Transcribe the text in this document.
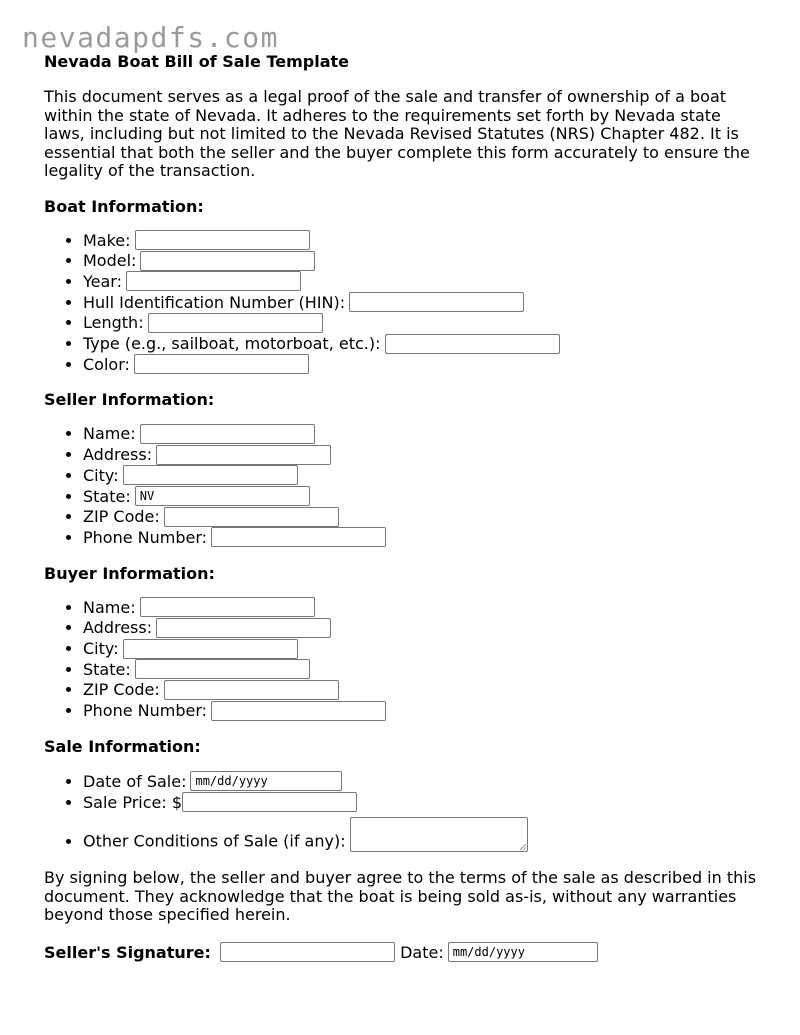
nevadapdfs.com
Nevada Boat Bill of Sale Template

This document serves as a legal proof of the sale and transfer of ownership of a boat within the state of Nevada. It adheres to the requirements set forth by Nevada state laws, including but not limited to the Nevada Revised Statutes (NRS) Chapter 482. It is essential that both the seller and the buyer complete this form accurately to ensure the legality of the transaction.

Boat Information:
• Make:
• Model:
• Year:
• Hull Identification Number (HIN):
• Length:
• Type (e.g., sailboat, motorboat, etc.):
• Color:
Seller Information:
• Name:
• Address:
• City:
• State: NV
• ZIP Code:
• Phone Number:
Buyer Information:
• Name:
• Address:
• City:
• State:
• ZIP Code:
• Phone Number:
Sale Information:
• Date of Sale: mm/dd/yyyy
• Sale Price: $
• Other Conditions of Sale (if any):

By signing below, the seller and buyer agree to the terms of the sale as described in this document. They acknowledge that the boat is being sold as-is, without any warranties beyond those specified herein.

Seller's Signature:	Date: mm/dd/yyyy
